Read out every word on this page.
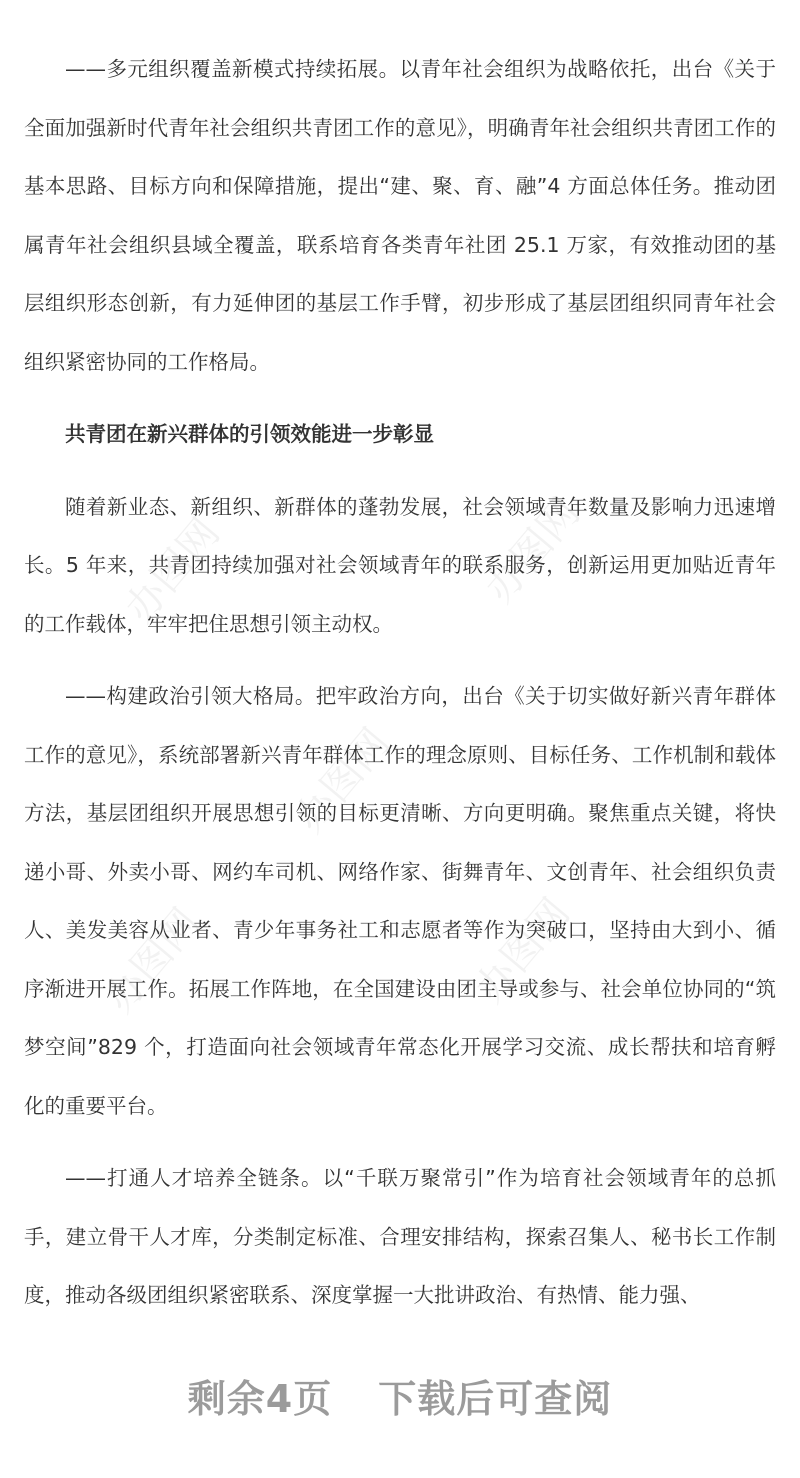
办图网	办图网
办图网
办图网	办图网

——多元组织覆盖新模式持续拓展。以青年社会组织为战略依托，出台《关于全面加强新时代青年社会组织共青团工作的意见》，明确青年社会组织共青团工作的基本思路、目标方向和保障措施，提出“建、聚、育、融”4 方面总体任务。推动团属青年社会组织县域全覆盖，联系培育各类青年社团 25.1 万家，有效推动团的基层组织形态创新，有力延伸团的基层工作手臂，初步形成了基层团组织同青年社会组织紧密协同的工作格局。

共青团在新兴群体的引领效能进一步彰显

随着新业态、新组织、新群体的蓬勃发展，社会领域青年数量及影响力迅速增长。5 年来，共青团持续加强对社会领域青年的联系服务，创新运用更加贴近青年的工作载体，牢牢把住思想引领主动权。

——构建政治引领大格局。把牢政治方向，出台《关于切实做好新兴青年群体工作的意见》，系统部署新兴青年群体工作的理念原则、目标任务、工作机制和载体方法，基层团组织开展思想引领的目标更清晰、方向更明确。聚焦重点关键，将快递小哥、外卖小哥、网约车司机、网络作家、街舞青年、文创青年、社会组织负责人、美发美容从业者、青少年事务社工和志愿者等作为突破口，坚持由大到小、循序渐进开展工作。拓展工作阵地，在全国建设由团主导或参与、社会单位协同的“筑梦空间”829 个，打造面向社会领域青年常态化开展学习交流、成长帮扶和培育孵化的重要平台。

——打通人才培养全链条。以“千联万聚常引”作为培育社会领域青年的总抓手，建立骨干人才库，分类制定标准、合理安排结构，探索召集人、秘书长工作制度，推动各级团组织紧密联系、深度掌握一大批讲政治、有热情、能力强、

剩余4页 下载后可查阅
